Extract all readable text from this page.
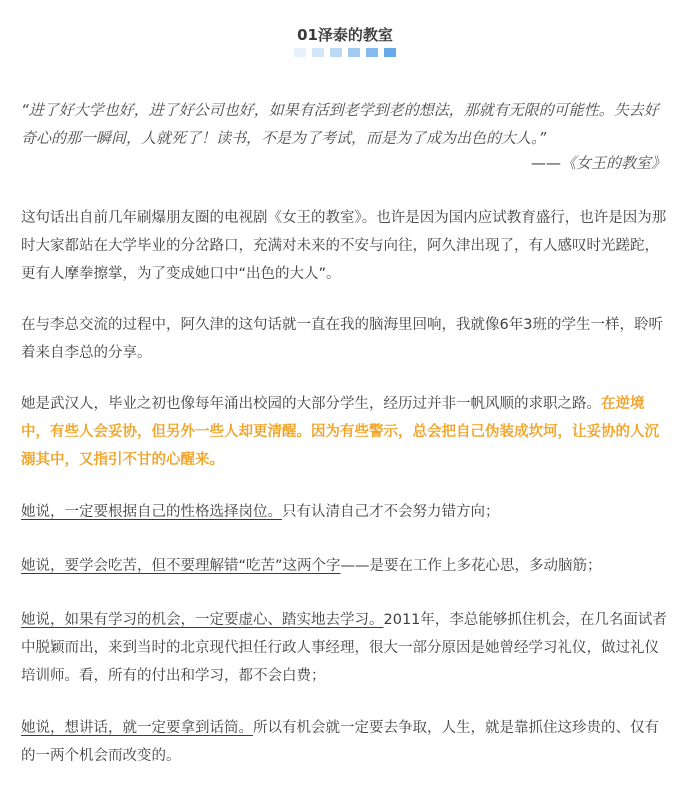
01泽泰的教室
“进了好大学也好，进了好公司也好，如果有活到老学到老的想法，那就有无限的可能性。失去好奇心的那一瞬间，人就死了！读书，不是为了考试，而是为了成为出色的大人。”
——《女王的教室》
这句话出自前几年刷爆朋友圈的电视剧《女王的教室》。也许是因为国内应试教育盛行，也许是因为那时大家都站在大学毕业的分岔路口，充满对未来的不安与向往，阿久津出现了，有人感叹时光蹉跎，更有人摩拳擦掌，为了变成她口中“出色的大人”。
在与李总交流的过程中，阿久津的这句话就一直在我的脑海里回响，我就像6年3班的学生一样，聆听着来自李总的分享。
她是武汉人，毕业之初也像每年涌出校园的大部分学生，经历过并非一帆风顺的求职之路。在逆境中，有些人会妥协，但另外一些人却更清醒。因为有些警示，总会把自己伪装成坎坷，让妥协的人沉溺其中，又指引不甘的心醒来。
她说，一定要根据自己的性格选择岗位。只有认清自己才不会努力错方向；
她说，要学会吃苦，但不要理解错“吃苦”这两个字——是要在工作上多花心思，多动脑筋；
她说，如果有学习的机会，一定要虚心、踏实地去学习。2011年，李总能够抓住机会，在几名面试者中脱颖而出，来到当时的北京现代担任行政人事经理，很大一部分原因是她曾经学习礼仪，做过礼仪培训师。看，所有的付出和学习，都不会白费；
她说，想讲话，就一定要拿到话筒。所以有机会就一定要去争取，人生，就是靠抓住这珍贵的、仅有的一两个机会而改变的。
